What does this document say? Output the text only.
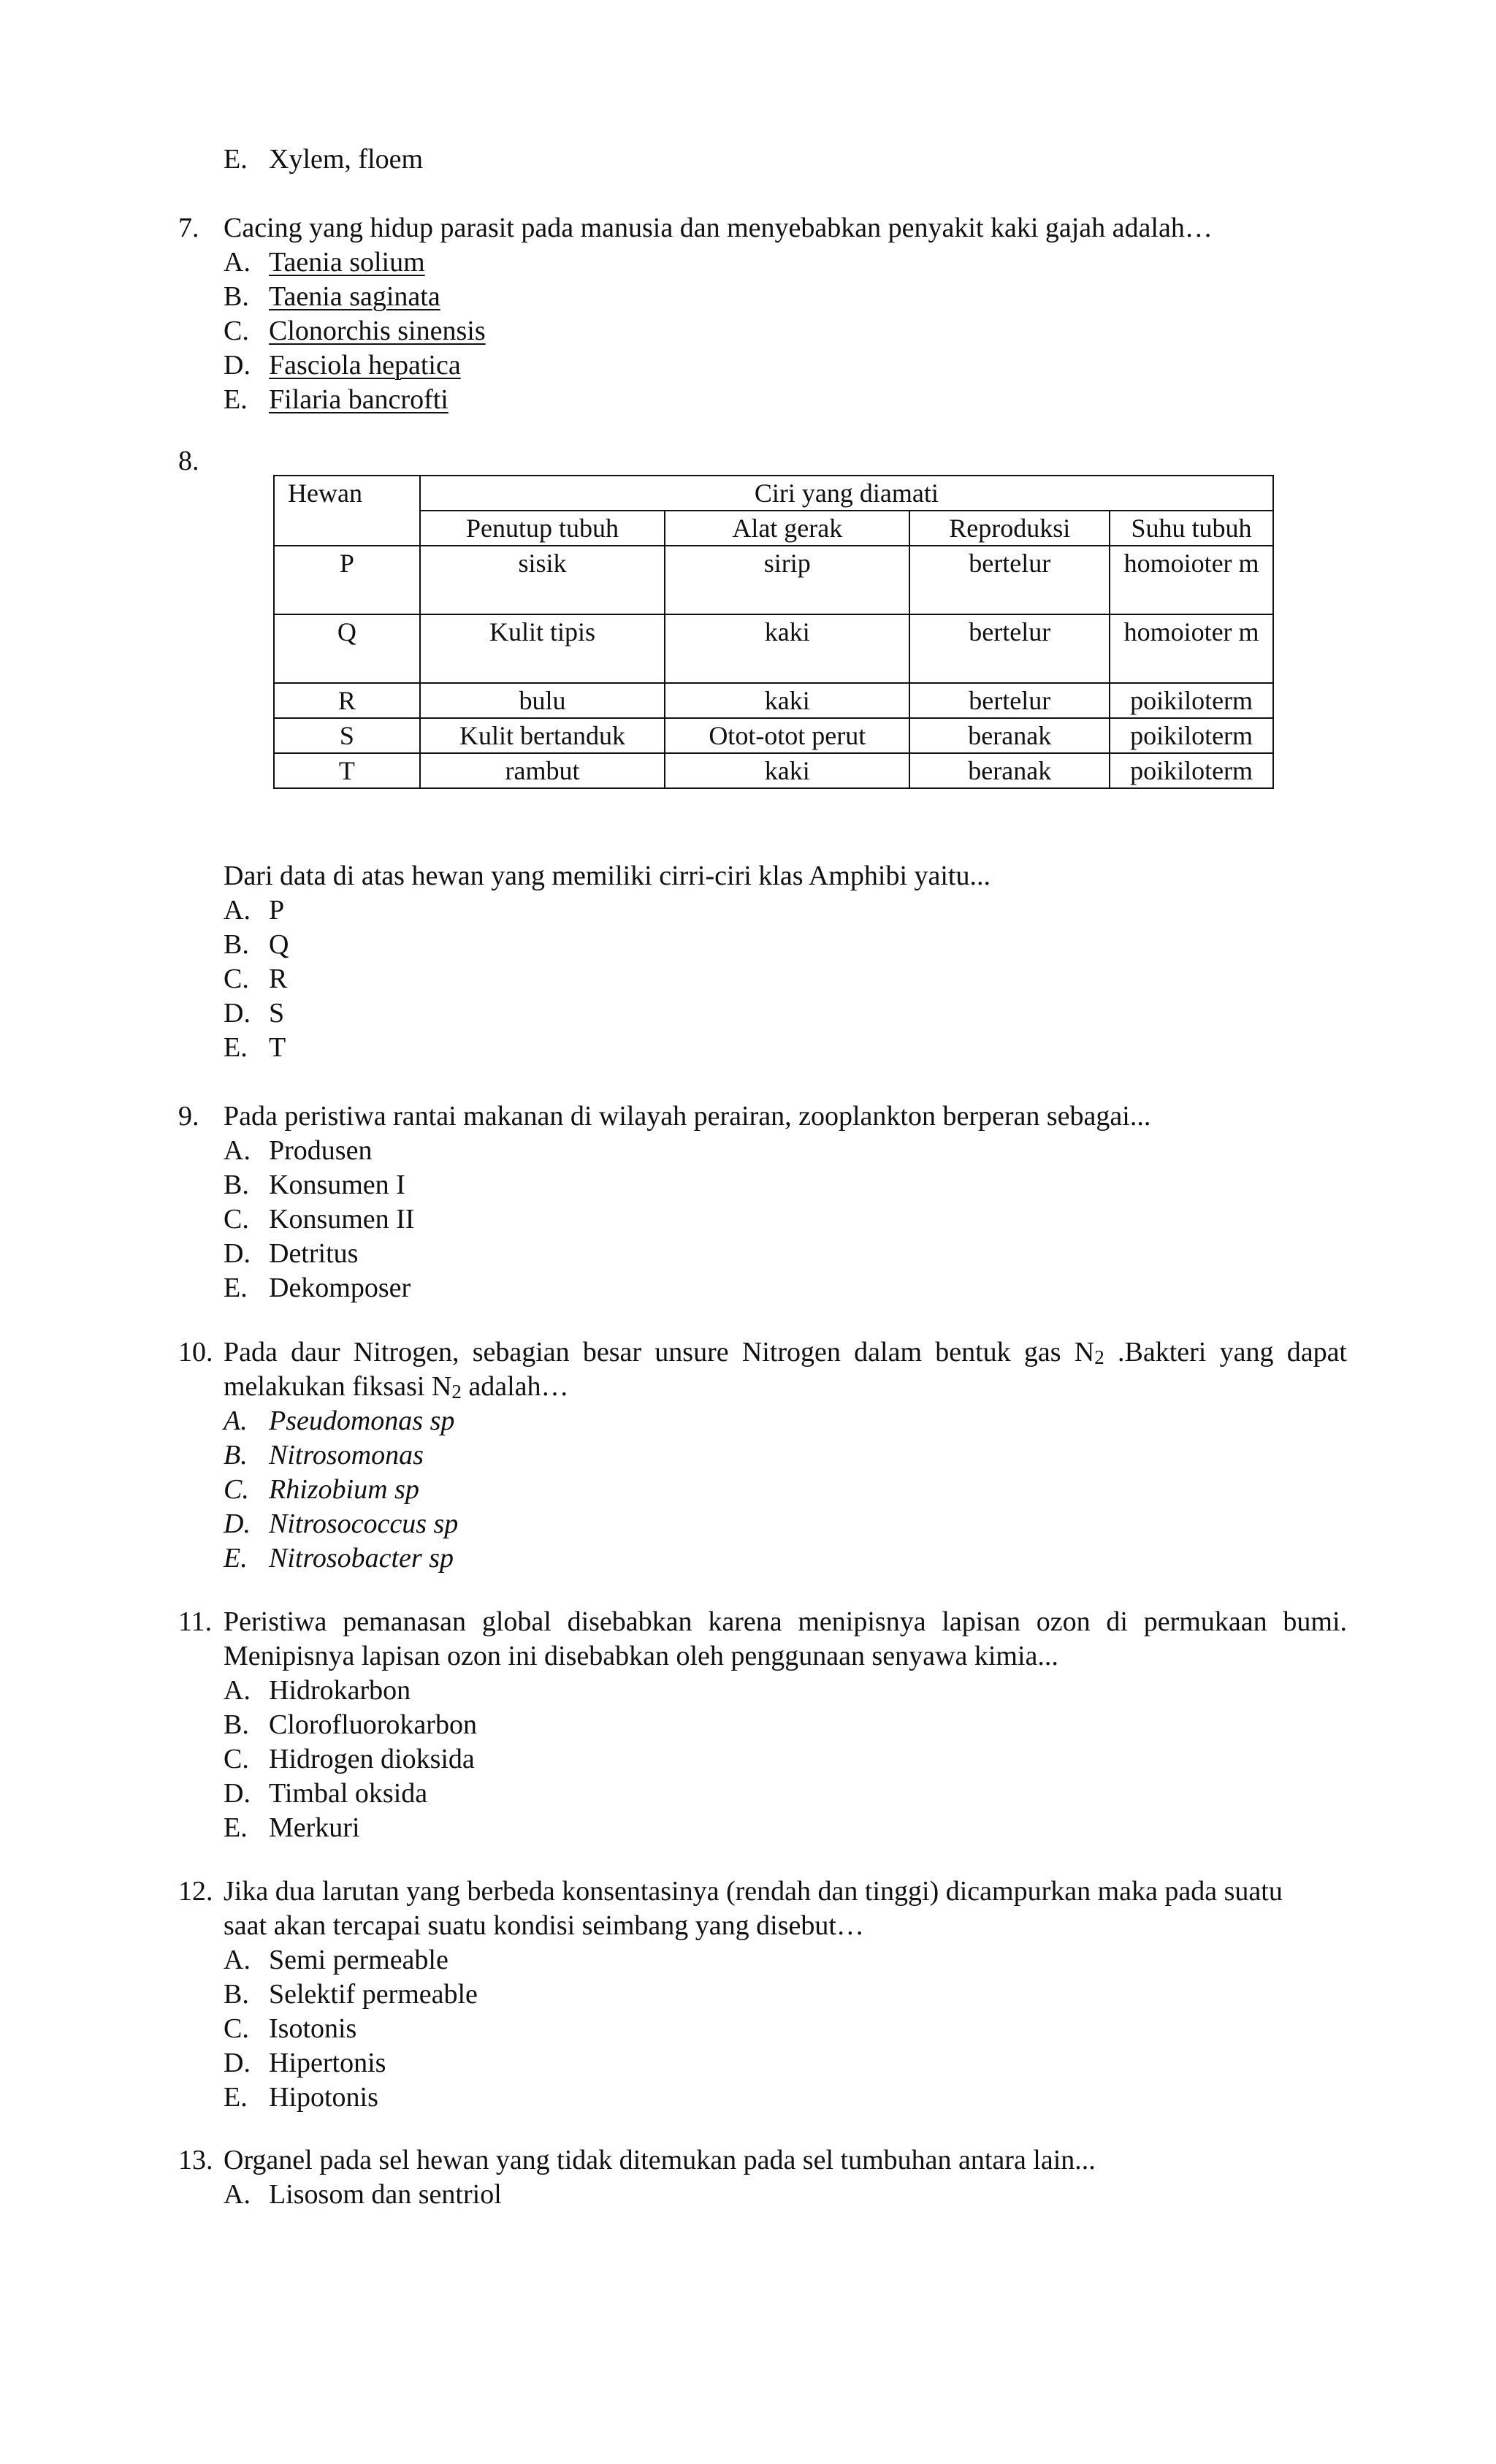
E. Xylem, floem
7. Cacing yang hidup parasit pada manusia dan menyebabkan penyakit kaki gajah adalah…
A. Taenia solium
B. Taenia saginata
C. Clonorchis sinensis
D. Fasciola hepatica
E. Filaria bancrofti
8.
Hewan	Ciri yang diamati			
	Penutup tubuh	Alat gerak	Reproduksi	Suhu tubuh
P	sisik	sirip	bertelur	homoioter m
Q	Kulit tipis	kaki	bertelur	homoioter m
R	bulu	kaki	bertelur	poikiloterm
S	Kulit bertanduk	Otot-otot perut	beranak	poikiloterm
T	rambut	kaki	beranak	poikiloterm
Dari data di atas hewan yang memiliki cirri-ciri klas Amphibi yaitu...
A. P
B. Q
C. R
D. S
E. T
9. Pada peristiwa rantai makanan di wilayah perairan, zooplankton berperan sebagai...
A. Produsen
B. Konsumen I
C. Konsumen II
D. Detritus
E. Dekomposer
10. Pada daur Nitrogen, sebagian besar unsure Nitrogen dalam bentuk gas $N_2$ .Bakteri yang dapat melakukan fiksasi $N_2$ adalah…
A. Pseudomonas sp
B. Nitrosomonas
C. Rhizobium sp
D. Nitrosococcus sp
E. Nitrosobacter sp
11. Peristiwa pemanasan global disebabkan karena menipisnya lapisan ozon di permukaan bumi. Menipisnya lapisan ozon ini disebabkan oleh penggunaan senyawa kimia...
A. Hidrokarbon
B. Clorofluorokarbon
C. Hidrogen dioksida
D. Timbal oksida
E. Merkuri
12. Jika dua larutan yang berbeda konsentasinya (rendah dan tinggi) dicampurkan maka pada suatu saat akan tercapai suatu kondisi seimbang yang disebut…
A. Semi permeable
B. Selektif permeable
C. Isotonis
D. Hipertonis
E. Hipotonis
13. Organel pada sel hewan yang tidak ditemukan pada sel tumbuhan antara lain...
A. Lisosom dan sentriol
